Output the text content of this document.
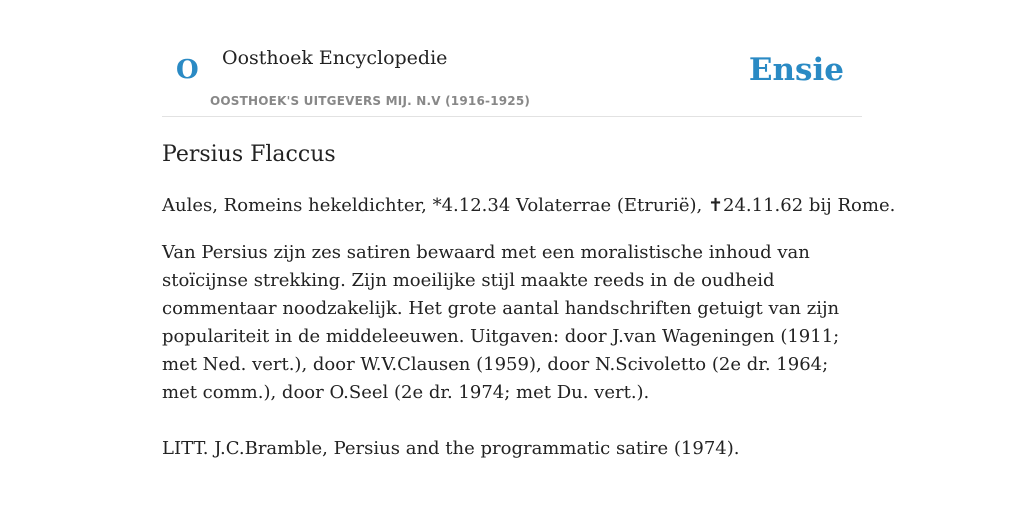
O Oosthoek Encyclopedie
OOSTHOEK'S UITGEVERS MIJ. N.V (1916-1925)
Ensie
Persius Flaccus

Aules, Romeins hekeldichter, *4.12.34 Volaterrae (Etrurië), ✝24.11.62 bij Rome.

Van Persius zijn zes satiren bewaard met een moralistische inhoud van stoïcijnse strekking. Zijn moeilijke stijl maakte reeds in de oudheid commentaar noodzakelijk. Het grote aantal handschriften getuigt van zijn populariteit in de middeleeuwen. Uitgaven: door J.van Wageningen (1911; met Ned. vert.), door W.V.Clausen (1959), door N.Scivoletto (2e dr. 1964; met comm.), door O.Seel (2e dr. 1974; met Du. vert.).

LITT. J.C.Bramble, Persius and the programmatic satire (1974).
